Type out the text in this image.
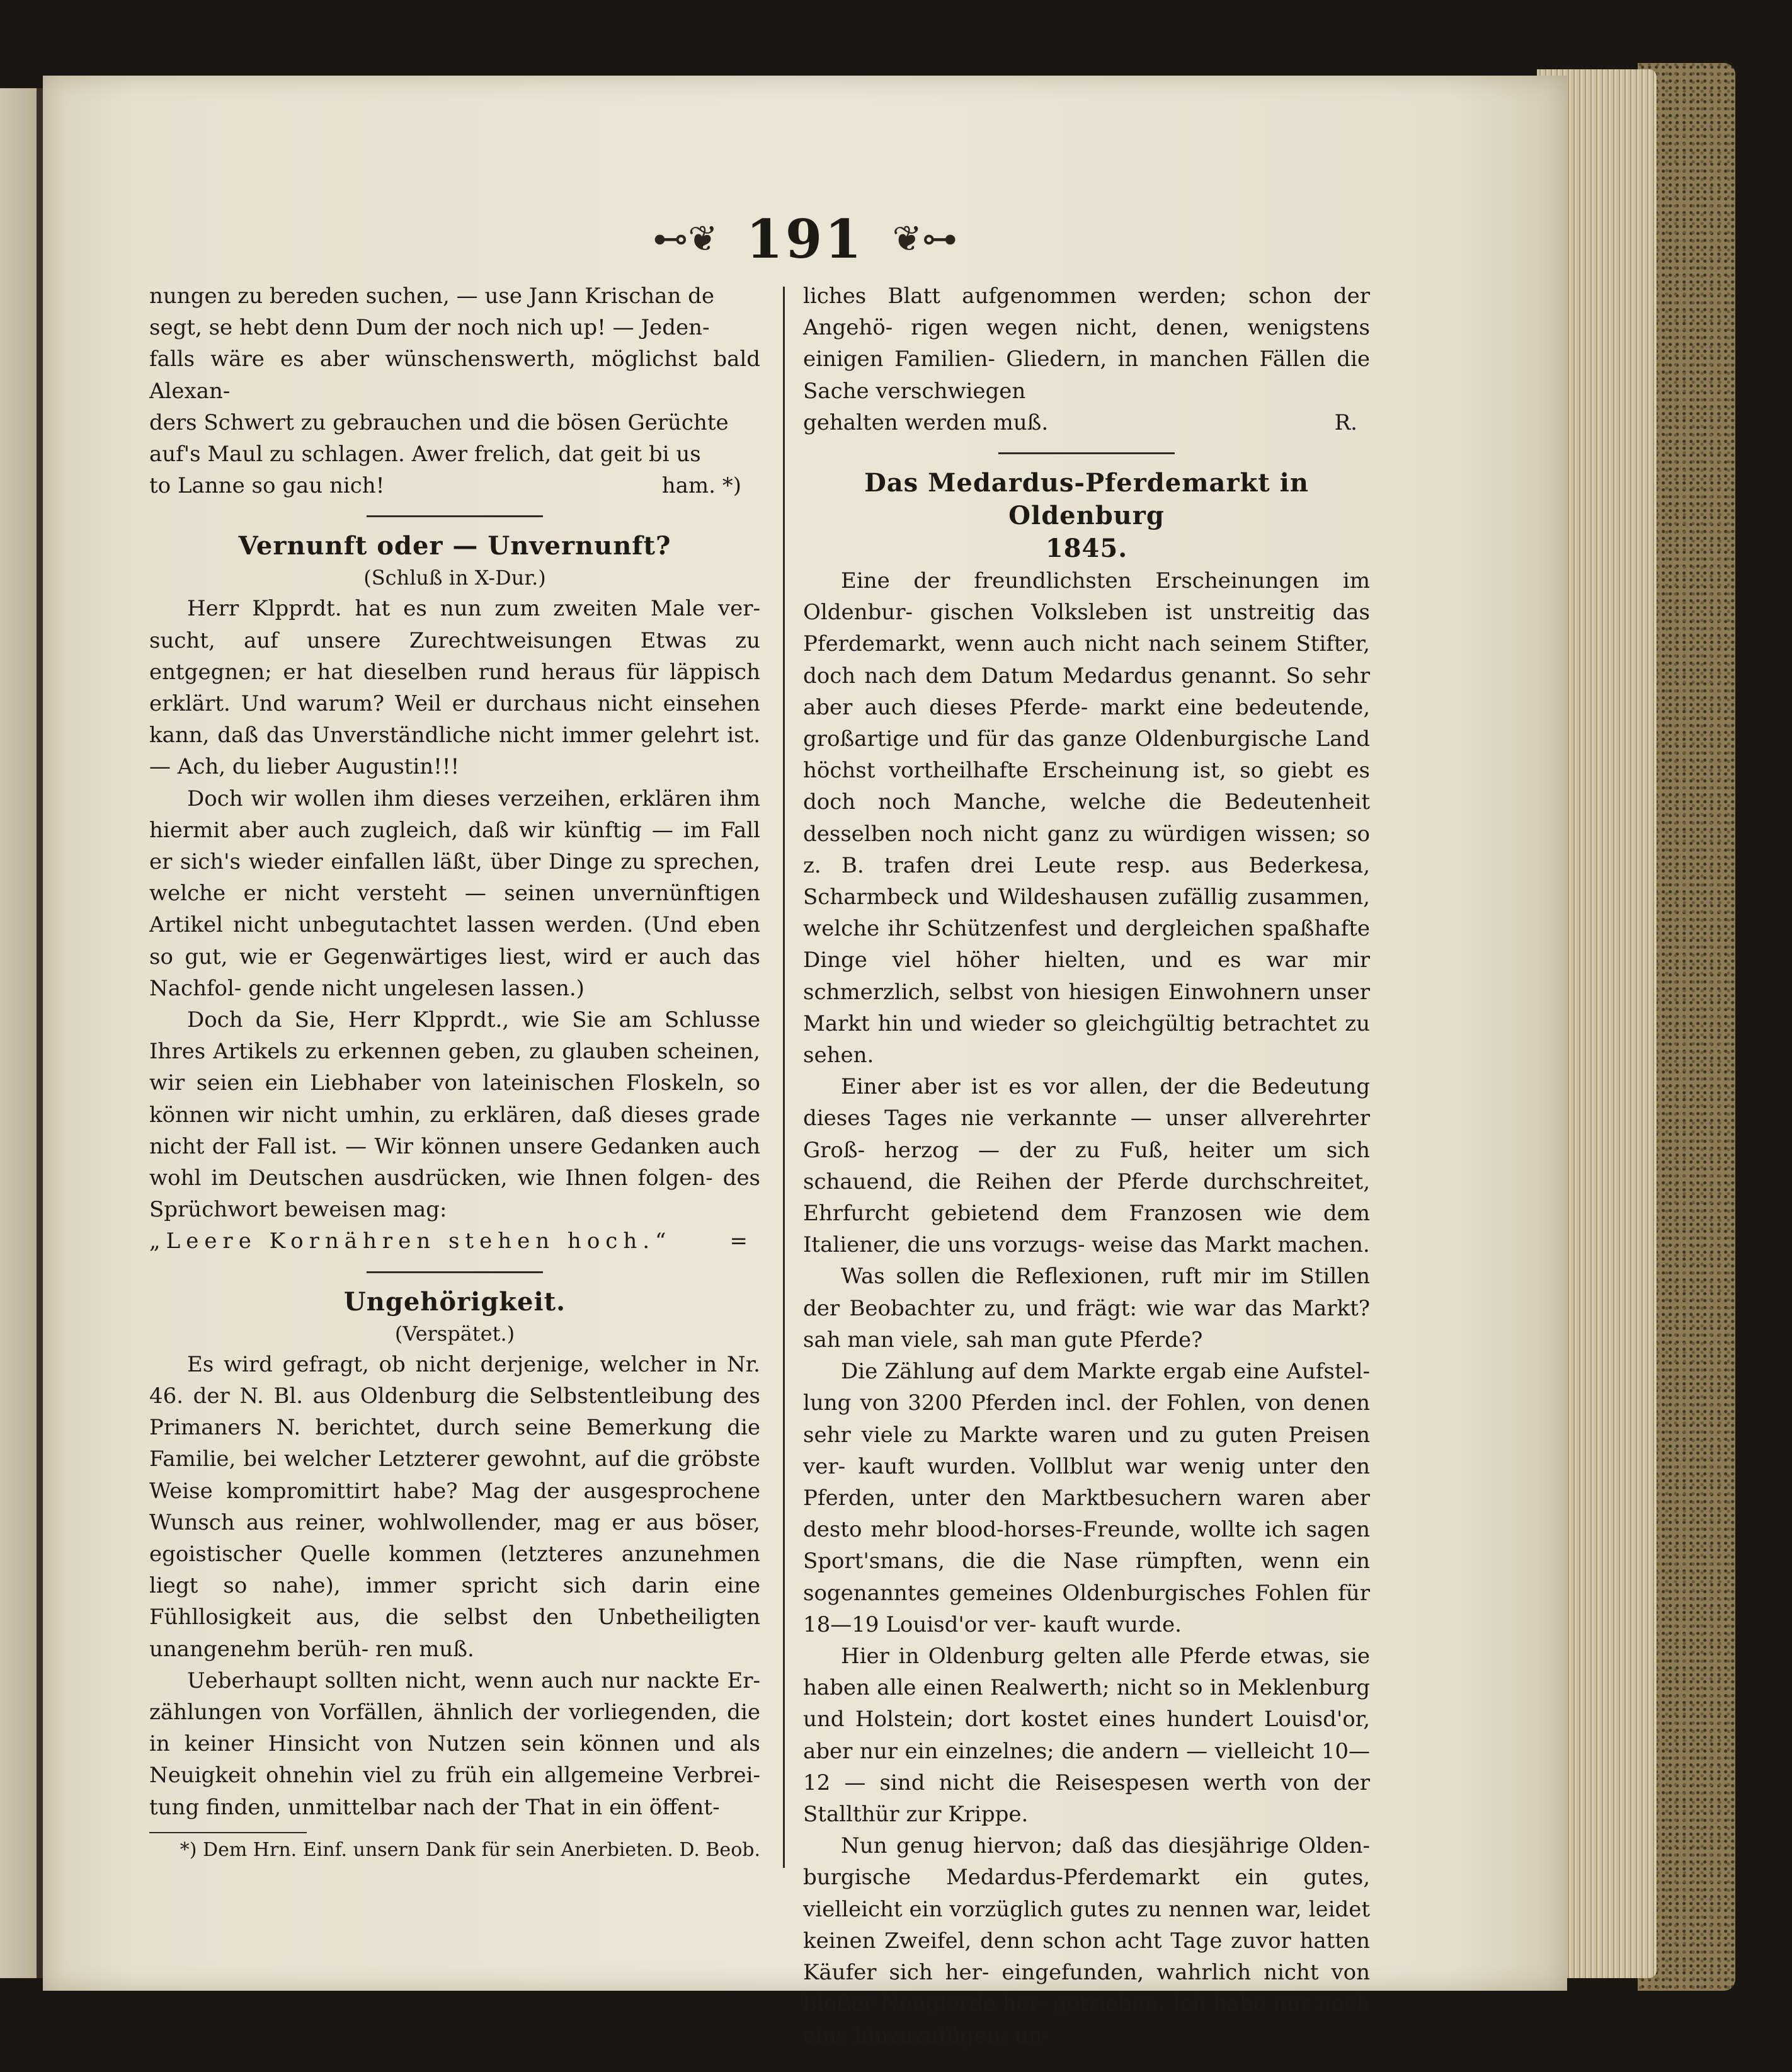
⊷❦ 191 ❦⊶

nungen zu bereden suchen, — use Jann Krischan de

segt, se hebt denn Dum der noch nich up! — Jeden-

falls wäre es aber wünschenswerth, möglichst bald Alexan-

ders Schwert zu gebrauchen und die bösen Gerüchte

auf's Maul zu schlagen. Awer frelich, dat geit bi us

to Lanne so gau nich!	ham. *)

Vernunft oder — Unvernunft?

(Schluß in X-Dur.)

Herr Klpprdt. hat es nun zum zweiten Male ver- sucht, auf unsere Zurechtweisungen Etwas zu entgegnen; er hat dieselben rund heraus für läppisch erklärt. Und warum? Weil er durchaus nicht einsehen kann, daß das Unverständliche nicht immer gelehrt ist. — Ach, du lieber Augustin!!!

Doch wir wollen ihm dieses verzeihen, erklären ihm hiermit aber auch zugleich, daß wir künftig — im Fall er sich's wieder einfallen läßt, über Dinge zu sprechen, welche er nicht versteht — seinen unvernünftigen Artikel nicht unbegutachtet lassen werden. (Und eben so gut, wie er Gegenwärtiges liest, wird er auch das Nachfol- gende nicht ungelesen lassen.)

Doch da Sie, Herr Klpprdt., wie Sie am Schlusse Ihres Artikels zu erkennen geben, zu glauben scheinen, wir seien ein Liebhaber von lateinischen Floskeln, so können wir nicht umhin, zu erklären, daß dieses grade nicht der Fall ist. — Wir können unsere Gedanken auch wohl im Deutschen ausdrücken, wie Ihnen folgen- des Sprüchwort beweisen mag:

„Leere Kornähren stehen hoch.“	=

Ungehörigkeit.

(Verspätet.)

Es wird gefragt, ob nicht derjenige, welcher in Nr. 46. der N. Bl. aus Oldenburg die Selbstentleibung des Primaners N. berichtet, durch seine Bemerkung die Familie, bei welcher Letzterer gewohnt, auf die gröbste Weise kompromittirt habe? Mag der ausgesprochene Wunsch aus reiner, wohlwollender, mag er aus böser, egoistischer Quelle kommen (letzteres anzunehmen liegt so nahe), immer spricht sich darin eine Fühllosigkeit aus, die selbst den Unbetheiligten unangenehm berüh- ren muß.

Ueberhaupt sollten nicht, wenn auch nur nackte Er- zählungen von Vorfällen, ähnlich der vorliegenden, die in keiner Hinsicht von Nutzen sein können und als Neuigkeit ohnehin viel zu früh ein allgemeine Verbrei- tung finden, unmittelbar nach der That in ein öffent-

*) Dem Hrn. Einf. unsern Dank für sein Anerbieten. D. Beob.

liches Blatt aufgenommen werden; schon der Angehö- rigen wegen nicht, denen, wenigstens einigen Familien- Gliedern, in manchen Fällen die Sache verschwiegen

gehalten werden muß.	R.

Das Medardus-Pferdemarkt in Oldenburg

1845.

Eine der freundlichsten Erscheinungen im Oldenbur- gischen Volksleben ist unstreitig das Pferdemarkt, wenn auch nicht nach seinem Stifter, doch nach dem Datum Medardus genannt. So sehr aber auch dieses Pferde- markt eine bedeutende, großartige und für das ganze Oldenburgische Land höchst vortheilhafte Erscheinung ist, so giebt es doch noch Manche, welche die Bedeutenheit desselben noch nicht ganz zu würdigen wissen; so z. B. trafen drei Leute resp. aus Bederkesa, Scharmbeck und Wildeshausen zufällig zusammen, welche ihr Schützenfest und dergleichen spaßhafte Dinge viel höher hielten, und es war mir schmerzlich, selbst von hiesigen Einwohnern unser Markt hin und wieder so gleichgültig betrachtet zu sehen.

Einer aber ist es vor allen, der die Bedeutung dieses Tages nie verkannte — unser allverehrter Groß- herzog — der zu Fuß, heiter um sich schauend, die Reihen der Pferde durchschreitet, Ehrfurcht gebietend dem Franzosen wie dem Italiener, die uns vorzugs- weise das Markt machen.

Was sollen die Reflexionen, ruft mir im Stillen der Beobachter zu, und frägt: wie war das Markt? sah man viele, sah man gute Pferde?

Die Zählung auf dem Markte ergab eine Aufstel- lung von 3200 Pferden incl. der Fohlen, von denen sehr viele zu Markte waren und zu guten Preisen ver- kauft wurden. Vollblut war wenig unter den Pferden, unter den Marktbesuchern waren aber desto mehr blood-horses-Freunde, wollte ich sagen Sport'smans, die die Nase rümpften, wenn ein sogenanntes gemeines Oldenburgisches Fohlen für 18—19 Louisd'or ver- kauft wurde.

Hier in Oldenburg gelten alle Pferde etwas, sie haben alle einen Realwerth; nicht so in Meklenburg und Holstein; dort kostet eines hundert Louisd'or, aber nur ein einzelnes; die andern — vielleicht 10—12 — sind nicht die Reisespesen werth von der Stallthür zur Krippe.

Nun genug hiervon; daß das diesjährige Olden- burgische Medardus-Pferdemarkt ein gutes, vielleicht ein vorzüglich gutes zu nennen war, leidet keinen Zweifel, denn schon acht Tage zuvor hatten Käufer sich her- eingefunden, wahrlich nicht von bloßer Neugierde her- getrieben. Ich habe nur noch eins hinzuzufügen: un-
